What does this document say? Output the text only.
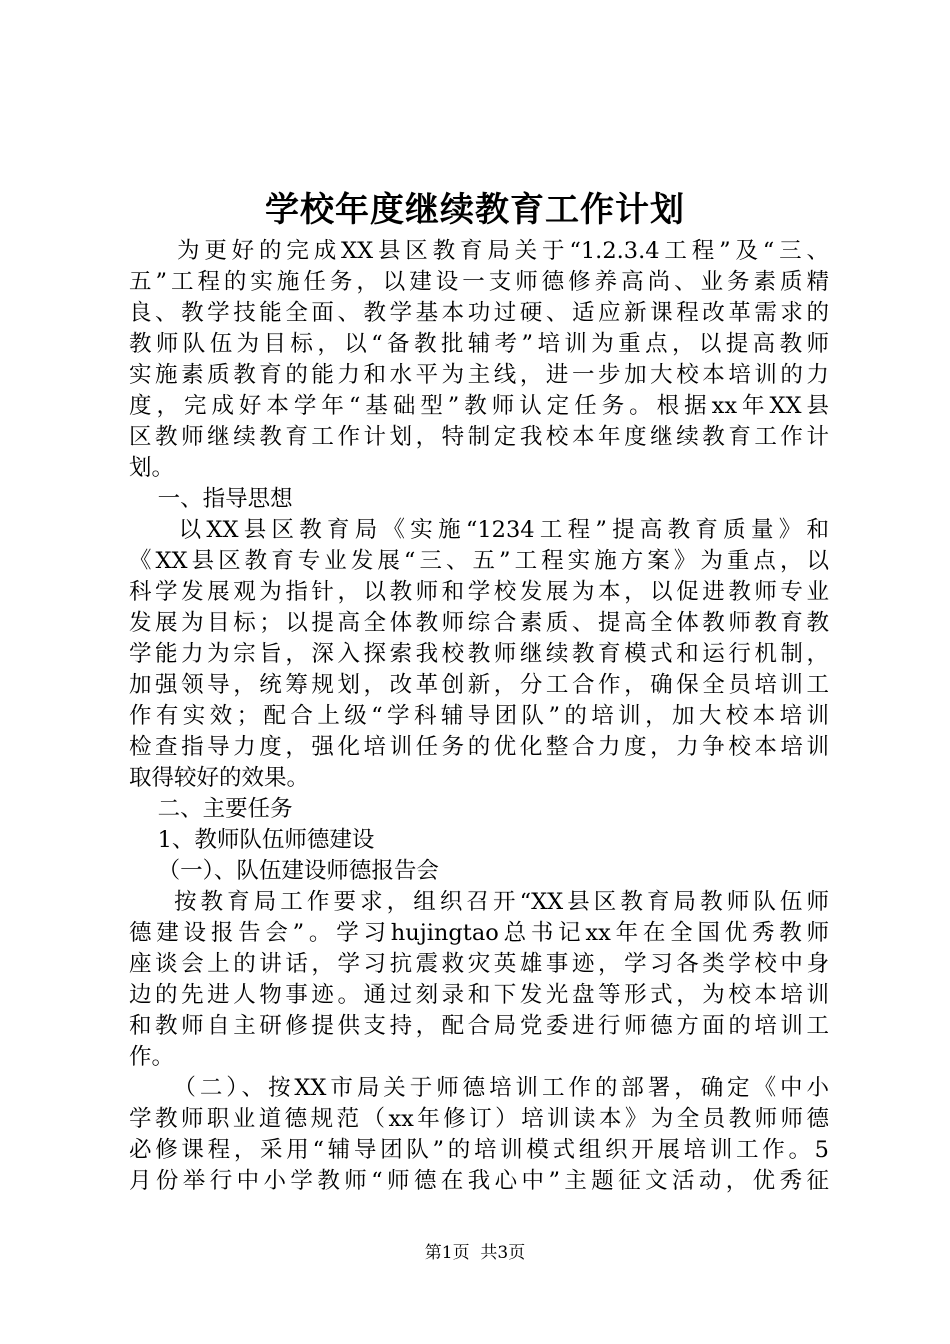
学校年度继续教育工作计划
为更好的完成XX县区教育局关于“1.2.3.4工程”及“三、
五”工程的实施任务，以建设一支师德修养高尚、业务素质精
良、教学技能全面、教学基本功过硬、适应新课程改革需求的
教师队伍为目标，以“备教批辅考”培训为重点，以提高教师
实施素质教育的能力和水平为主线，进一步加大校本培训的力
度，完成好本学年“基础型”教师认定任务。根据xx年XX县
区教师继续教育工作计划，特制定我校本年度继续教育工作计
划。
一、指导思想
以XX县区教育局《实施“1234工程”提高教育质量》和
《XX县区教育专业发展“三、五”工程实施方案》为重点，以
科学发展观为指针，以教师和学校发展为本，以促进教师专业
发展为目标；以提高全体教师综合素质、提高全体教师教育教
学能力为宗旨，深入探索我校教师继续教育模式和运行机制，
加强领导，统筹规划，改革创新，分工合作，确保全员培训工
作有实效；配合上级“学科辅导团队”的培训，加大校本培训
检查指导力度，强化培训任务的优化整合力度，力争校本培训
取得较好的效果。
二、主要任务
1、教师队伍师德建设
（一）、队伍建设师德报告会
按教育局工作要求，组织召开“XX县区教育局教师队伍师
德建设报告会”。学习hujingtao总书记xx年在全国优秀教师
座谈会上的讲话，学习抗震救灾英雄事迹，学习各类学校中身
边的先进人物事迹。通过刻录和下发光盘等形式，为校本培训
和教师自主研修提供支持，配合局党委进行师德方面的培训工
作。
（二）、按XX市局关于师德培训工作的部署，确定《中小
学教师职业道德规范（xx年修订）培训读本》为全员教师师德
必修课程，采用“辅导团队”的培训模式组织开展培训工作。5
月份举行中小学教师“师德在我心中”主题征文活动，优秀征
第1页  共3页
